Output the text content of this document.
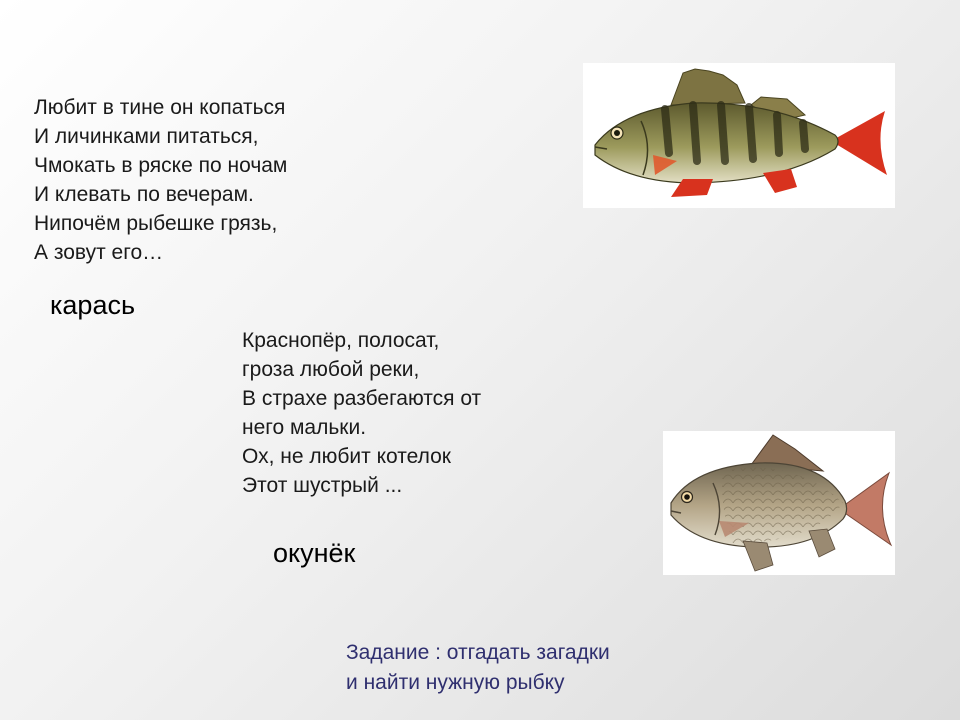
Любит в тине он копаться
И личинками питаться,
Чмокать в ряске по ночам
И клевать по вечерам.
Нипочём рыбешке грязь,
А зовут его…
карась
Краснопёр, полосат,
гроза любой реки,
В страхе разбегаются от
него мальки.
Ох, не любит котелок
Этот шустрый ...
окунёк
Задание : отгадать загадки
и найти нужную рыбку
